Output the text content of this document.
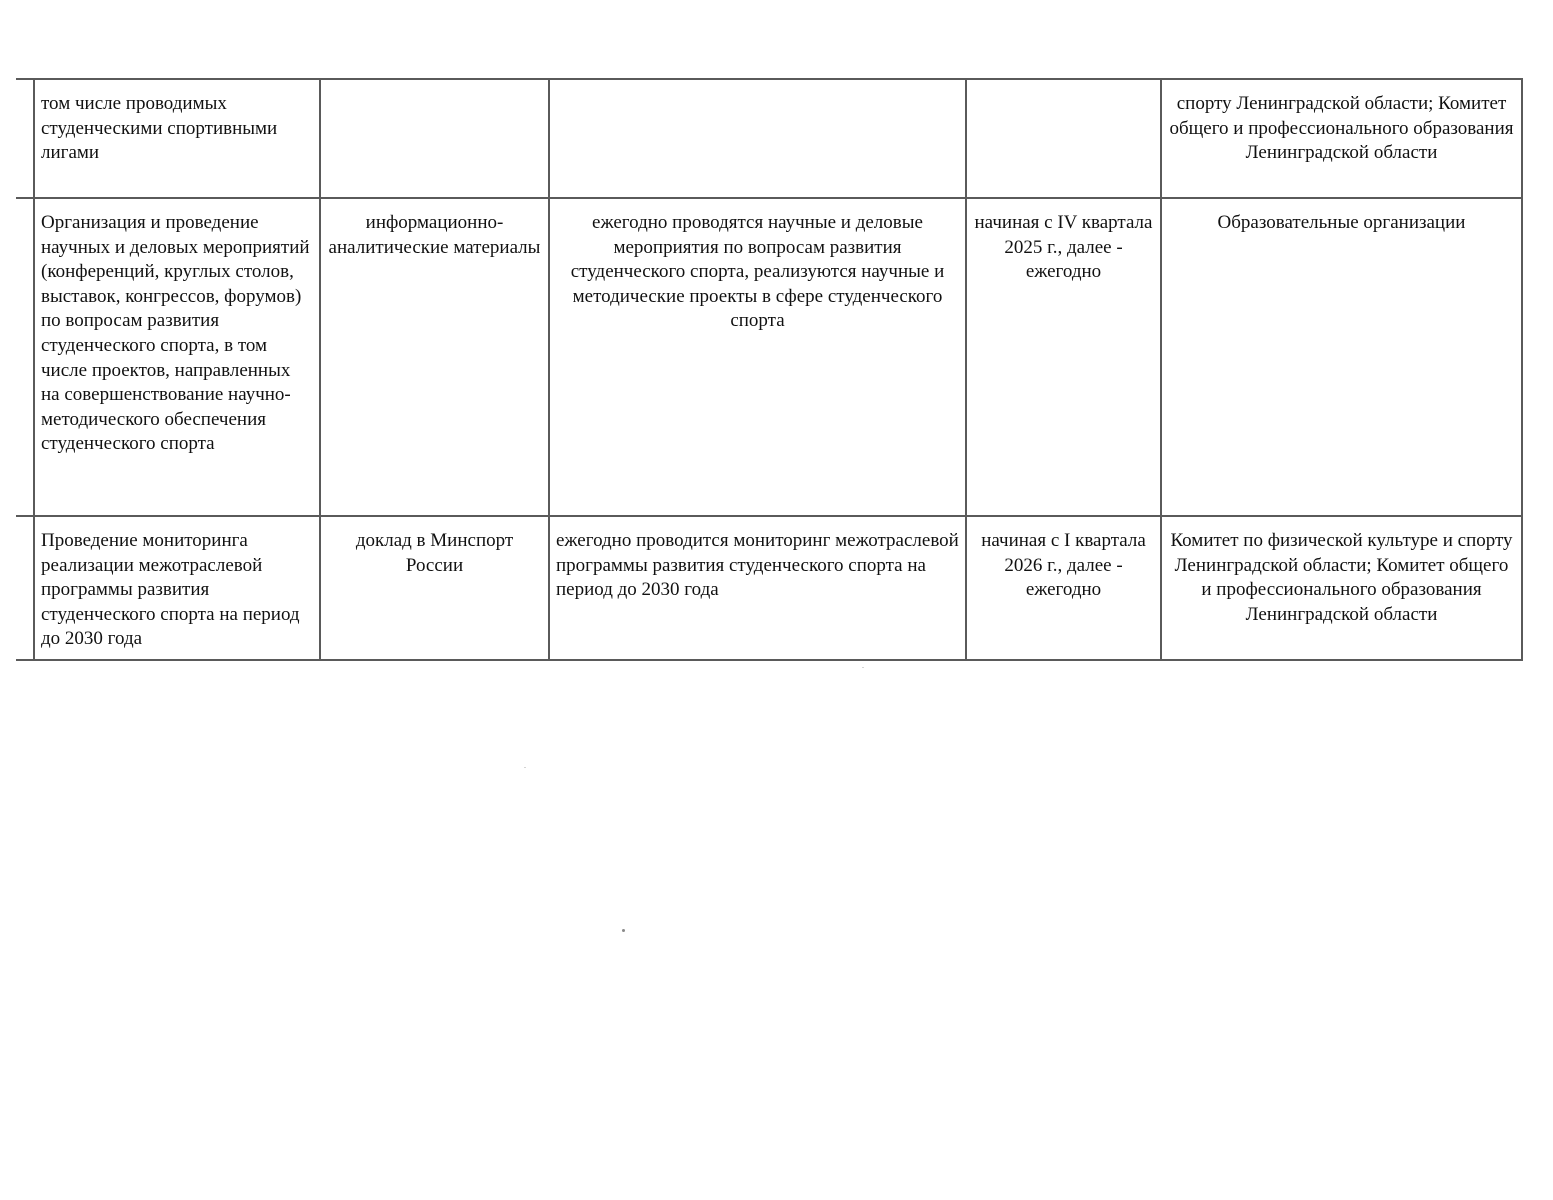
	том числе проводимых студенческими спортивными лигами				спорту Ленинградской области; Комитет общего и профессионального образования Ленинградской области
	Организация и проведение научных и деловых мероприятий (конференций, круглых столов, выставок, конгрессов, форумов) по вопросам развития студенческого спорта, в том числе проектов, направленных на совершенствование научно-методического обеспечения студенческого спорта	информационно-аналитические материалы	ежегодно проводятся научные и деловые мероприятия по вопросам развития студенческого спорта, реализуются научные и методические проекты в сфере студенческого спорта	начиная с IV квартала 2025 г., далее - ежегодно	Образовательные организации
	Проведение мониторинга реализации межотраслевой программы развития студенческого спорта на период до 2030 года	доклад в Минспорт России	ежегодно проводится мониторинг межотраслевой программы развития студенческого спорта на период до 2030 года	начиная с I квартала 2026 г., далее - ежегодно	Комитет по физической культуре и спорту Ленинградской области; Комитет общего и профессионального образования Ленинградской области
